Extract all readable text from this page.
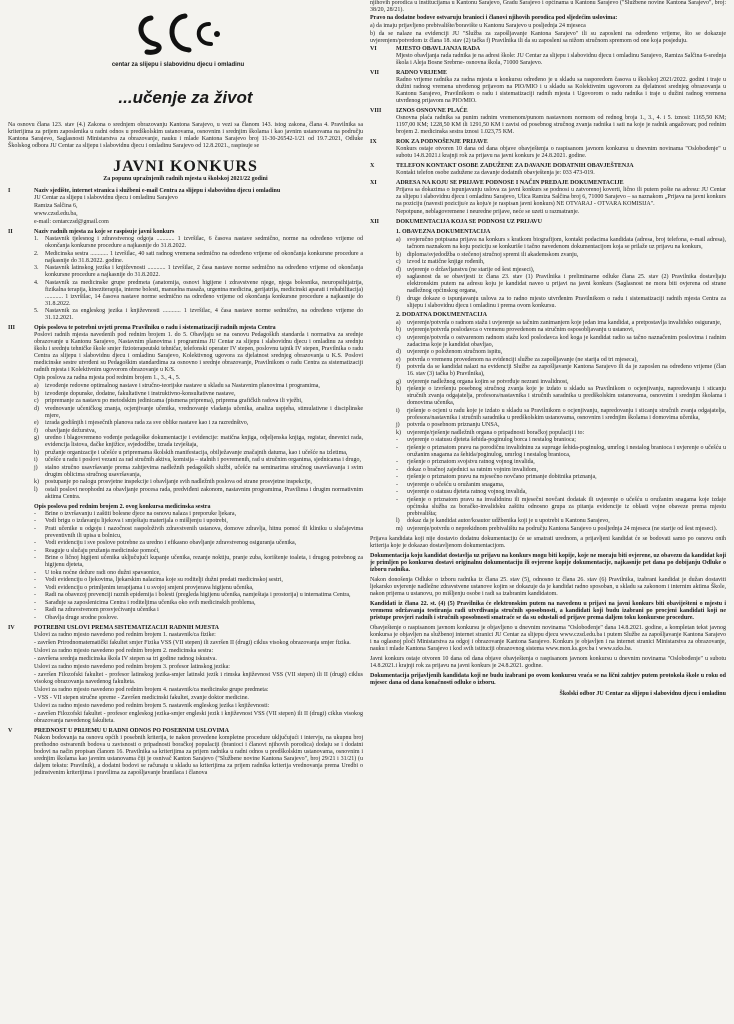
centar za slijepu i slabovidnu djecu i omladinu
...učenje za život
Na osnovu člana 123. stav (4.) Zakona o srednjem obrazovanju Kantona Sarajevo, u vezi sa članom 143. istog zakona, člana 4. Pravilnika sa kriterijima za prijem zaposlenika u radni odnos u predškolskim ustanovama, osnovnim i srednjim školama i kao javnim ustanovama na području Kantona Sarajevo, Saglasnosti Ministarstva za obrazovanje, nauku i mlade Kantona Sarajevo broj 11-30-26542-1/21 od 19.7.2021, Odluke Školskog odbora JU Centar za slijepu i slabovidnu djecu i omladinu Sarajevo od 12.8.2021., raspisuje se
JAVNI KONKURS
Za popunu upražnjenih radnih mjesta u školskoj 2021/22 godini
I	Naziv sjedište, internet stranica i službeni e-mail Centra za slijepu i slabovidnu djecu i omladinu

JU Centar za slijepu i slabovidnu djecu i omladinu Sarajevo

Ramiza Salčina 6,

www.czsd.edu.ba,

e-mail: centarczsd@gmail.com

II	Naziv radnih mjesta za koje se raspisuje javni konkurs
1.	Nastavnik tjelesnog i zdravstvenog odgoja ............ 1 izvršilac, 6 časova nastave sedmično, norme na određeno vrijeme od okončanja konkursne procedure a najkasnije do 31.8.2022.
2.	Medicinska sestra ............ 1 izvršilac, 40 sati radnog vremena sedmično na određeno vrijeme od okončanja konkursne procedure a najkasnije do 31.8.2022. godine.
3.	Nastavnik latinskog jezika i književnosti ............ 1 izvršilac, 2 časa nastave norme sedmično na određeno vrijeme od okončanja konkursne procedure a najkasnije do 31.8.2022.
4.	Nastavnik za medicinske grupe predmeta (anatomija, osnovi higijene i zdravstvene njege, njega bolesnika, neuropsihijatrija, fizikalna terapija, kineziterapija, interne bolesti, manuelna masaža, urgentna medicina, gerijatrija, medicinski aparati i rehabilitacija) ............ 1 izvršilac, 14 časova nastave norme sedmično na određeno vrijeme od okončanja konkursne procedure a najkasnije do 31.8.2022.
5.	Nastavnik za engleskog jezika i književnosti ............ 1 izvršilac, 4 časa nastave norme sedmično, na određeno vrijeme do 31.12.2021.
III	Opis poslova te potrebni uvjeti prema Pravilniku o radu i sistematizaciji radnih mjesta Centra

Poslovi radnih mjesta navedenih pod rednim brojem 1. do 5. Obavljaju se na osnovu Pedagoških standarda i normativa za srednje obrazovanje u Kantonu Sarajevo, Nastavnim planovima i programima JU Centar za slijepu i slabovidnu djecu i omladinu za srednju školu i srednju tehničke škole smjer fizioterapeutski tehničar, telefonski operater IV stepen, poslovnu tajnik IV stepen, Pravilnika o radu Centra za slijepu i slabovidnu djecu i omladinu Sarajevo, Kolektivnog ugovora za djelatnost srednjeg obrazovanja u K.S. Poslovi medicinske sestre utvrđeni su Pedagoškim standardima za osnovno i srednje obrazovanje, Pravilnikom o radu Centra za sistematizaciji radnih mjesta i Kolektivnim ugovorom obrazovanje u K/S.

Opis poslova za radna mjesta pod rednim brojem 1., 3., 4., 5.

a)	izvođenje redovne optimalnog nastave i stručno-teorijske nastave u skladu sa Nastavnim planovima i programima,
b)	izvođenje dopunske, dodatne, fakultativne i instruktivno-konsultativne nastave,
c)	pripremanje za nastavu po metodskim jedinicama (pismena priprema), priprema grafičkih radova ili vježbi,
d)	vrednovanje učeničkog znanja, ocjenjivanje učenika, vrednovanje vladanja učenika, analiza uspjeha, stimulativne i disciplinske mjere,
e)	izrada godišnjih i mjesečnih planova rada za sve oblike nastave kao i za razrednštvo,
f)	obavljanje dežurstva,
g)	uredno i blagovremeno vođenje pedagoške dokumentacije i evidencije: matična knjiga, odjeljenska knjiga, registar, dnevnici rada, evidencija listova, đačke knjižice, svjedodžbe, izrada izvještaja,
h)	pružanje organizacije i učešće u pripremama školskih manifestacija, obilježavanje značajnih datuma, kao i učešće na izletima,
i)	učešće u radu i poslovi vezani za rad stručnih aktiva, komisija – stalnih i povremenih, rad u stručnim organima, sjednicama i drugo,
j)	stalno stručno usavršavanje prema zahtjevima nadležnih pedagoških službi, učešće na seminarima stručnog usavršavanja i svim drugim oblicima stručnog usavršavanja,
k)	postupanje po nalogu prosvjetne inspekcije i obavljanje svih nadležnih poslova od strane prosvjetne inspekcije,
l)	ostali poslovi neophodni za obavljanje procesa rada, predviđeni zakonom, nastavnim programima, Pravilima i drugim normativnim aktima Centra.
Opis poslova pod rednim brojem 2. ovog konkursa medicinska sestra
-	Brine o izvršavanju i zaštiti bolesne djece na osnovu nalaza i preporuke ljekara,
-	Vodi brigu o izdavanju lijekova i smještaju materijala o mišljenju i upotrebi,
-	Prati učenike u odgoju i nazočnost raspoloživih zdravstvenih ustanova, domove zdravlja, hitnu pomoć ili kliniku u slučajevima preventivnih ili upisa u bolnicu,
-	Vodi evidenciju i sve poslove potrebne za uredno i efikasno obavljanje zdravstvenog osiguranja učenika,
-	Reaguje u slučaju pružanja medicinske pomoći,
-	Brine o ličnoj higijeni učenika uključujući kupanje učenika, rezanje noktiju, pranje zuba, korištenje toaleta, i drugog potrebnog za higijenu djeteta,
-	U toku noćne dežure radi ono dužni spavaonice,
-	Vodi evidenciju o ljekovima, ljekarskim nalazima koje su roditelji dužni predati medicinskoj sestri,
-	Vodi evidenciju o primljenim terapijama i u svojoj smjeni provjerava higijenu učenika,
-	Radi na obavezoj prevenciji raznih epidemija i bolesti (pregleda higijenu učenika, namještaja i prostorija) u internatima Centra,
-	Sarađuje sa zaposlenicima Centra i roditeljima učenika oko svih medicinskih problema,
-	Radi na zdravstvenom prosvjećivanju učenika i
-	Obavlja druge srodne poslove.
IV	POTREBNI USLOVI PREMA SISTEMATIZACIJI RADNIH MJESTA

Uslovi za radno mjesto navedeno pod rednim brojem 1. nastavnik/ca fizike:

- završen Prirodnomatematički fakultet smjer Fizika VSS (VII stepen) ili završen II (drugi) ciklus visokog obrazovanja smjer fizika.

Uslovi za radno mjesto navedeno pod rednim brojem 2. medicinska sestra:

- završena srednja medicinska škola IV stepen sa tri godine radnog iskustva.

Uslovi za radno mjesto navedeno pod rednim brojem 3. profesor latinskog jezika:

- završen Filozofski fakultet - profesor latinskog jezika-smjer latinski jezik i rimska književnost VSS (VII stepen) ili II (drugi) ciklus visokog obrazovanja navedenog fakulteta.

Uslovi za radno mjesto navedeno pod rednim brojem 4. nastavnik/ca medicinske grupe predmeta:

- VSS - VII stepen stručne spreme - Završen medicinski fakultet, zvanje doktor medicine.

Uslovi za radno mjesto navedeno pod rednim brojem 5. nastavnik engleskog jezika i književnosti:

- završen Filozofski fakultet - profesor engleskog jezika-smjer engleski jezik i književnost VSS (VII stepen) ili II (drugi) ciklus visokog obrazovanja navedenog fakulteta.

V	PREDNOST U PRIJEMU U RADNI ODNOS PO POSEBNIM USLOVIMA

Nakon bodovanja na osnovu općih i posebnih kriterija, te nakon provedene kompletne procedure uključujući i intervju, na ukupnu broj prethodno ostvarenih bodova u zavisnosti o pripadnosti boračkoj populaciji (branioci i članovi njihovih porodica) dodaju se i dodatni bodovi na način propisan članom 16. Pravilnika sa kriterijima za prijem radnika u radni odnos u predškolskim ustanovama, osnovnim i srednjim školama kao javnim ustanovama čiji je osnivač Kanton Sarajevo ("Službene novine Kantona Sarajevo", broj 29/21 i 31/21) (u daljem tekstu: Pravilnik), a dodatni bodovi se računaju u skladu sa kriterijima za prijem radnika kriterija vrednovanja prema Uredbi o jedinstvenim kriterijima i pravilima za zapošljavanje branilaca i članova

njihovih porodica u institucijama u Kantonu Sarajevo, Gradu Sarajevo i općinama u Kantonu Sarajevo ("Službene novine Kantona Sarajevo", broj: 38/20, 28/21).

Pravo na dodatne bodove ostvaruju branioci i članovi njihovih porodica pod sljedećim uslovima:

a) da imaju prijavljeno prebivalište/boravište u Kantonu Sarajevo u posljednja 24 mjeseca

b) da se nalaze na evidenciji JU "Služba za zapošljavanje Kantona Sarajevo" ili su zaposleni na određeno vrijeme, što se dokazuje uvjerenjem/potvrdom iz člana 18. stav (2) tačka f) Pravilnika ili da su zaposleni sa nižom stručnom spremom od one koja posjeduju.

VI	MJESTO OBAVLJANJA RADA

Mjesto obavljanja rada radnika je na adresi škole: JU Centar za slijepu i slabovidnu djecu i omladinu Sarajevo, Ramiza Salčina 6-srednja škola i Aleja Bosne Srebrne- osnovna škola, 71000 Sarajevo.

VII	RADNO VRIJEME

Radno vrijeme radnika za radna mjesta u konkursu određeno je u skladu sa rasporedom časova u školskoj 2021/2022. godini i traje u dužini radnog vremena utvrđenog prijavom na PIO/MIO i u skladu sa Kolektivnim ugovorom za djelatnost srednjeg obrazovanja u Kantonu Sarajevo, Pravilnikom o radu i sistematizaciji radnih mjesta i Ugovorom o radu radnika i traje u dužini radnog vremena utvrđenog prijavom na PIO/MIO.

VIII	IZNOS OSNOVNE PLAĆE

Osnovna plaća radnika sa punim radnim vremenom/punom nastavnom normom od rednog broja 1., 3., 4. i 5. iznosi: 1165,50 KM; 1197,00 KM; 1228,50 KM ili 1291,50 KM i zavisi od posebnog stručnog zvanja radnika i sati na koje je radnik angažovan; pod rednim brojem 2. medicinska sestra iznosi 1.023,75 KM.

IX	ROK ZA PODNOŠENJE PRIJAVE

Konkurs ostaje otvoren 10 dana od dana objave obavještenja o raspisanom javnom konkursu u dnevnim novinama "Oslobođenje" u subotu 14.8.2021.i krajnji rok za prijavu na javni konkurs je 24.8.2021. godine.

X	TELEFON KONTAKT OSOBE ZADUŽENE ZA DAVANJE DODATNIH OBAVJEŠTENJA

Kontakt telefon osobe zadužene za davanje dodatnih obavještenja je: 033 473-019.

XI	ADRESA NA KOJU SE PRIJAVE PODNOSE I NAČIN PREDAJE DOKUMENTACIJE

Prijava sa dokazima o ispunjavanju uslova za javni konkurs se podnosi u zatvorenoj koverti, lično ili putem pošte na adresu: JU Centar za slijepu i slabovidnu djecu i omladinu Sarajevo, Ulica Ramiza Salčina broj 6, 71000 Sarajevo – sa naznakom „Prijava na javni konkurs na poziciju (navesti poziciju/e za koju/e je raspisan javni konkurs) NE OTVARAJ - OTVARA KOMISIJA".

Nepotpune, neblagovremene i neuredne prijave, neće se uzeti u razmatranje.

XII	DOKUMENTACIJA KOJA SE PODNOSI UZ PRIJAVU
1. OBAVEZNA DOKUMENTACIJA
a)	svojeručno potpisana prijava na konkurs s kratkom biografijom, kontakt podacima kandidata (adresa, broj telefona, e-mail adresa), tačnom naznakom na koju poziciju se konkuriše i tačno navedenom dokumentacijom koja se prilaže uz prijavu na konkurs,
b)	diploma/svjedodžba o stečenoj stručnoj spremi ili akademskom zvanju,
c)	izvod iz matične knjige rođenih,
d)	uvjerenje o državljanstvu (ne starije od šest mjeseci),
e)	saglasnost da se obavijesti iz člana 23. stav (1) Pravilnika i preliminarne odluke člana 25. stav (2) Pravilnika dostavljaju elektronskim putem na adresu koju je kandidat naveo u prijavi na javni konkurs (Saglasnost ne mora biti ovjerena od strane nadležnog općinskog organa,
f)	druge dokaze o ispunjavanju uslova za to radno mjesto utvrđenim Pravilnikom o radu i sistematizaciji radnih mjesta Centra za slijepu i slabovidnu djecu i omladinu i prema ovom konkursu.
2. DODATNA DOKUMENTACIJA
a)	uvjerenje/potvrda o radnom stažu i uvjerenje sa tačnim zanimanjem koje jedan ima kandidat, a pretpostavlja invalidsko osiguranje,
b)	uvjerenje/potvrda poslodavca o vremenu provedenom na stručnim osposobljavanju u ustanovi,
c)	uvjerenje/potvrda o ostvarenom radnom stažu kod poslodavca kod koga je kandidat radio sa tačno naznačenim poslovima i radnim zadacima koje je kandidat obavljao,
d)	uvjerenje o položenom stručnom ispitu,
e)	potvrda o vremenu provedenom na evidenciji službe za zapošljavanje (ne starija od tri mjeseca),
f)	potvrda da se kandidat nalazi na evidenciji Službe za zapošljavanje Kantona Sarajevo ili da je zaposlen na određeno vrijeme (član 16. stav (3) tačka b) Pravilnika),
g)	uvjerenje nadležnog organa kojim se potvrđuje nezrani invalidnost,
h)	rješenje o izvršenju posebnog stručnog zvanja koje je izdato u skladu sa Pravilnikom o ocjenjivanju, napredovanju i sticanju stručnih zvanja odgajatelja, profesora/nastavnika i stručnih saradnika u predškolskim ustanovama, osnovnim i srednjim školama i domovima učenika,
i)	rješenje o ocjeni u radu koje je izdato u skladu sa Pravilnikom o ocjenjivanju, napredovanju i sticanju stručnih zvanja odgajatelja, profesora/nastavnika i stručnih saradnika u predškolskim ustanovama, osnovnim i srednjim školama i domovima učenika,
j)	potvrda o posebnom priznanju UNSA,
k)	uvjerenje/rješenje nadležnih organa o pripadnosti boračkoj populaciji i to:
-	uvjerenje o statusu djeteta šehida-poginulog borca i nestalog branioca;
-	rješenje o priznatom pravu na porodičnu invalidninu za supruge šehida-poginulog, umrlog i nestalog branioca i uvjerenje o učešću u oružanim snagama za šehida/poginulog, umrlog i nestalog branioca,
-	rješenje o priznatom svojstvu ratnog vojnog invalida,
-	dokaz o bračnoj zajednici sa ratnim vojnim invalidom,
-	rješenje o priznatom pravu na mjesečno novčano primanje dobitnika priznanja,
-	uvjerenje o učešću u oružanim snagama,
-	uvjerenje o statusu djeteta ratnog vojnog invalida,
-	rješenje o priznatom pravu na invalidninu ili mjesečni novčani dodatak ili uvjerenje o učešću u oružanim snagama koje izdaje općinska služba za boračko-invalidsku zaštitu odnosno grupa za pitanja evidencije iz oblasti vojne obaveze prema mjestu prebivališta;
l)	dokaz da je kandidat autor/koautor udžbenika koji je u upotrebi u Kantonu Sarajevo,
m) uvjerenje/potvrdu o neprekidnom prebivalištu na području Kantona Sarajevo u posljednja 24 mjeseca (ne starije od šest mjeseci).
Prijava kandidata koji nije dostavio dodatnu dokumentaciju će se smatrati urednom, a prijavljeni kandidat će se bodovati samo po osnovu onih kriterija koje je dokazao dostavljenom dokumentacijom.
Dokumentacija koju kandidat dostavlja uz prijavu na konkurs mogu biti kopije, koje ne moraju biti ovjerene, uz obavezu da kandidat koji je primljen po konkursu dostavi originalnu dokumentaciju ili ovjerene kopije dokumentacije, najkasnije pet dana po dobijanju Odluke o izboru radnika.
Nakon donošenja Odluke o izboru radnika iz člana 25. stav (5), odnosno iz člana 26. stav (6) Pravilnika, izabrani kandidat je dužan dostaviti ljekarsko uvjerenje nadležne zdravstvene ustanove kojim se dokazuje da je kandidat radno sposoban, u skladu sa zakonom i internim aktima Škole, nakon prijema u ustanovu, po mišljenju osobe i radi sa izabranim kandidatom.
Kandidati iz člana 22. st. (4) (5) Pravilnika će elektronskim putem na navedenu u prijavi na javni konkurs biti obaviješteni o mjestu i vremenu održavanja testiranja radi utvrđivanja stručnih sposobnosti, a kandidati koji budu izabrani po procjeni kandidati koji ne pristupe provjeri radnih i stručnih sposobnosti smatraće se da su odustali od prijave prema daljem toku konkursne procedure.
Obavještenje o raspisanom javnom konkursu je objavljeno u dnevnim novinama "Oslobođenje" dana 14.8.2021. godine, a kompletan tekst javnog konkursa je objavljen na službenoj internet stranici JU Centar za slijepu djecu www.czsd.edu.ba i putem Službe za zapošljavanje Kantona Sarajevo i na oglasnoj ploči Ministarstva za odgoj i obrazovanje Kantona Sarajevo. Konkurs je objavljen i na internet stranici Ministarstva za obrazovanje, nauku i mlade Kantona Sarajevo i kod svih istituciji obrazovnog sistema www.mon.ks.gov.ba i www.szks.ba.
Javni konkurs ostaje otvoren 10 dana od dana objave obavještenja o raspisanom javnom konkursu u dnevnim novinama "Oslobođenje" u subotu 14.8.2021.i krajnji rok za prijavu na javni konkurs je 24.8.2021. godine.
Dokumentacija prijavljenih kandidata koji ne budu izabrani po ovom konkursu vraća se na lični zahtjev putem protokola škole u roku od mjesec dana od dana konačnosti odluke o izboru.
Školski odbor JU Centar za slijepu i slabovidnu djecu i omladinu
